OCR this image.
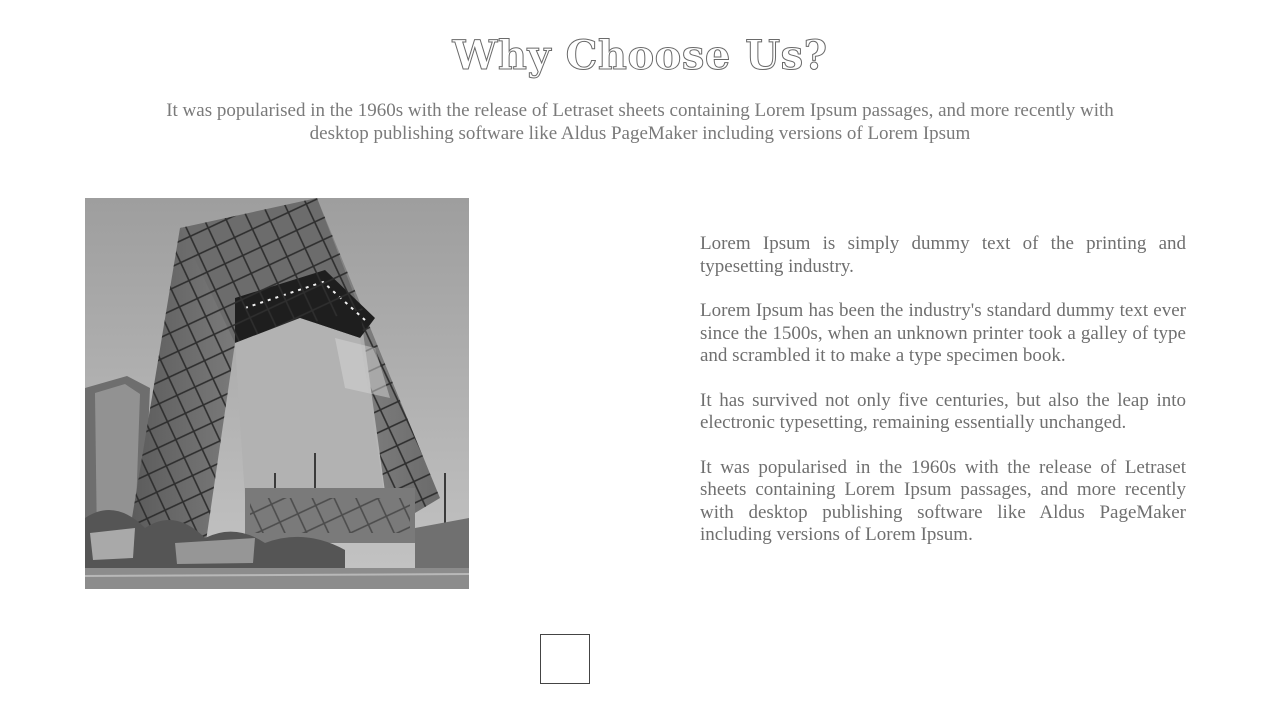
Why Choose Us?

It was popularised in the 1960s with the release of Letraset sheets containing Lorem Ipsum passages, and more recently with desktop publishing software like Aldus PageMaker including versions of Lorem Ipsum

Lorem Ipsum is simply dummy text of the printing and typesetting industry.

Lorem Ipsum has been the industry's standard dummy text ever since the 1500s, when an unknown printer took a galley of type and scrambled it to make a type specimen book.

It has survived not only five centuries, but also the leap into electronic typesetting, remaining essentially unchanged.

It was popularised in the 1960s with the release of Letraset sheets containing Lorem Ipsum passages, and more recently with desktop publishing software like Aldus PageMaker including versions of Lorem Ipsum.
